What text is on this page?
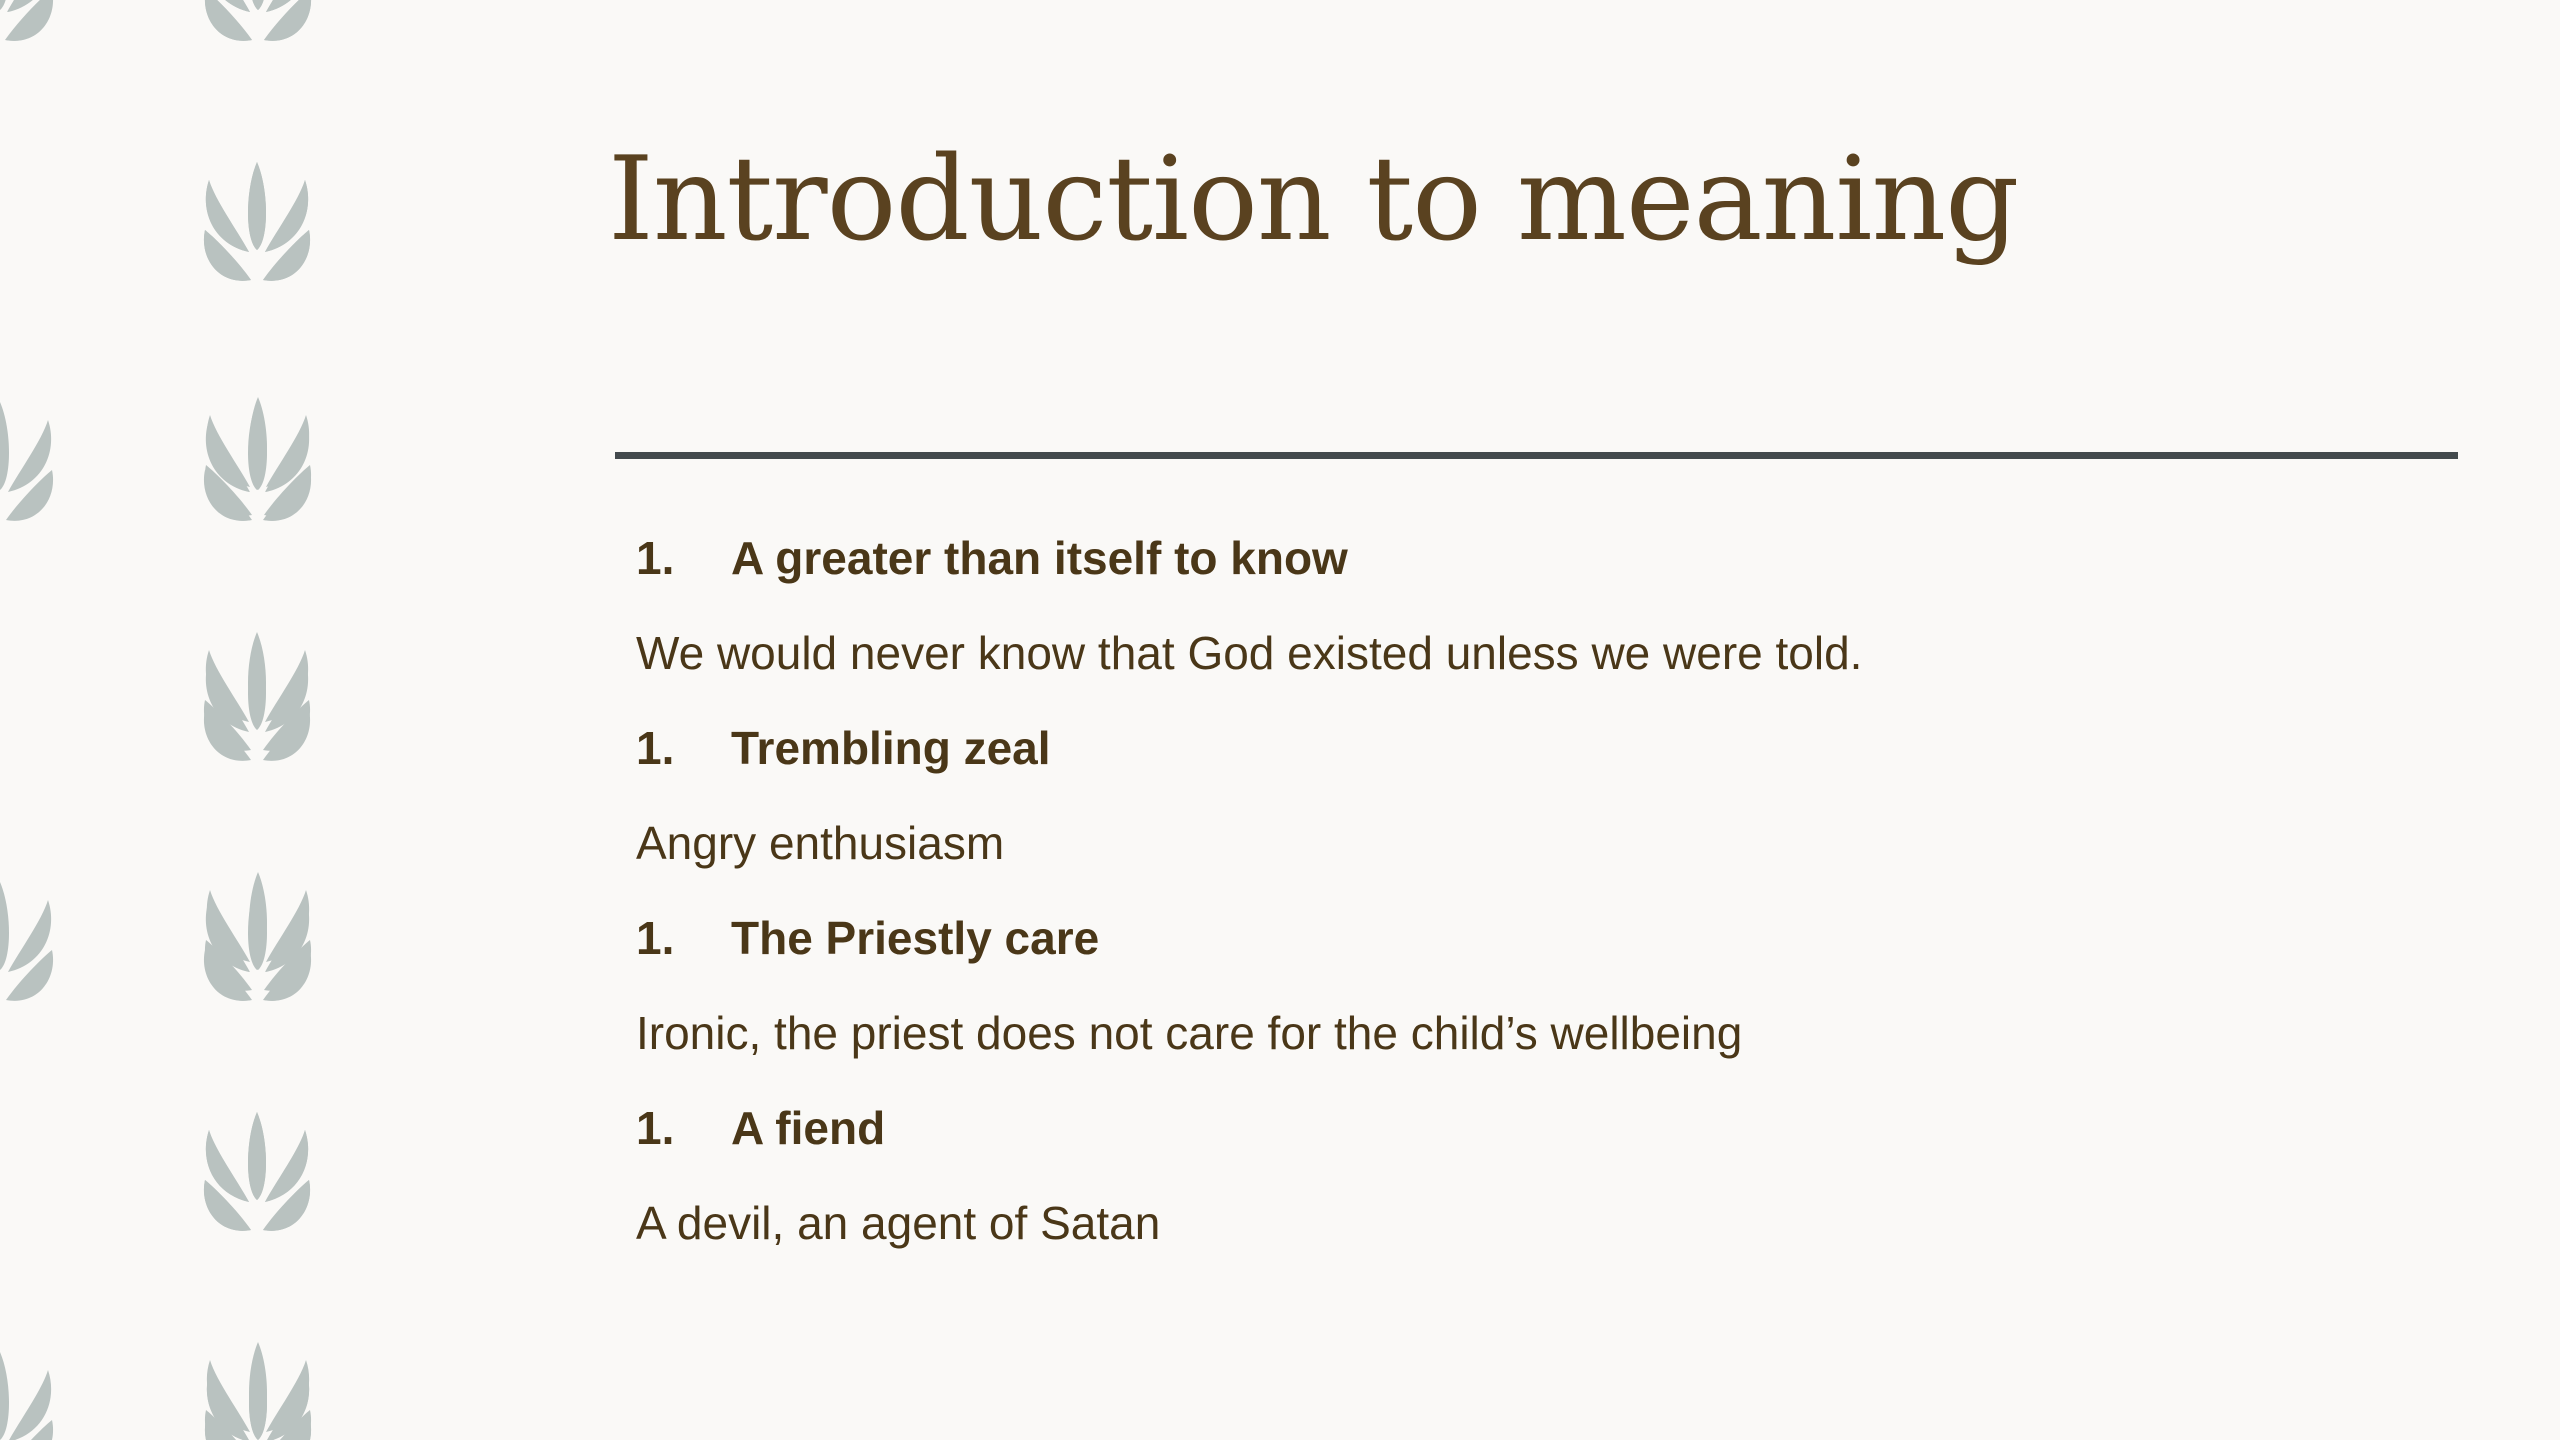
Introduction to meaning
1.	A greater than itself to know
We would never know that God existed unless we were told.
1.	Trembling zeal
Angry enthusiasm
1.	The Priestly care
Ironic, the priest does not care for the child’s wellbeing
1.	A fiend
A devil, an agent of Satan
